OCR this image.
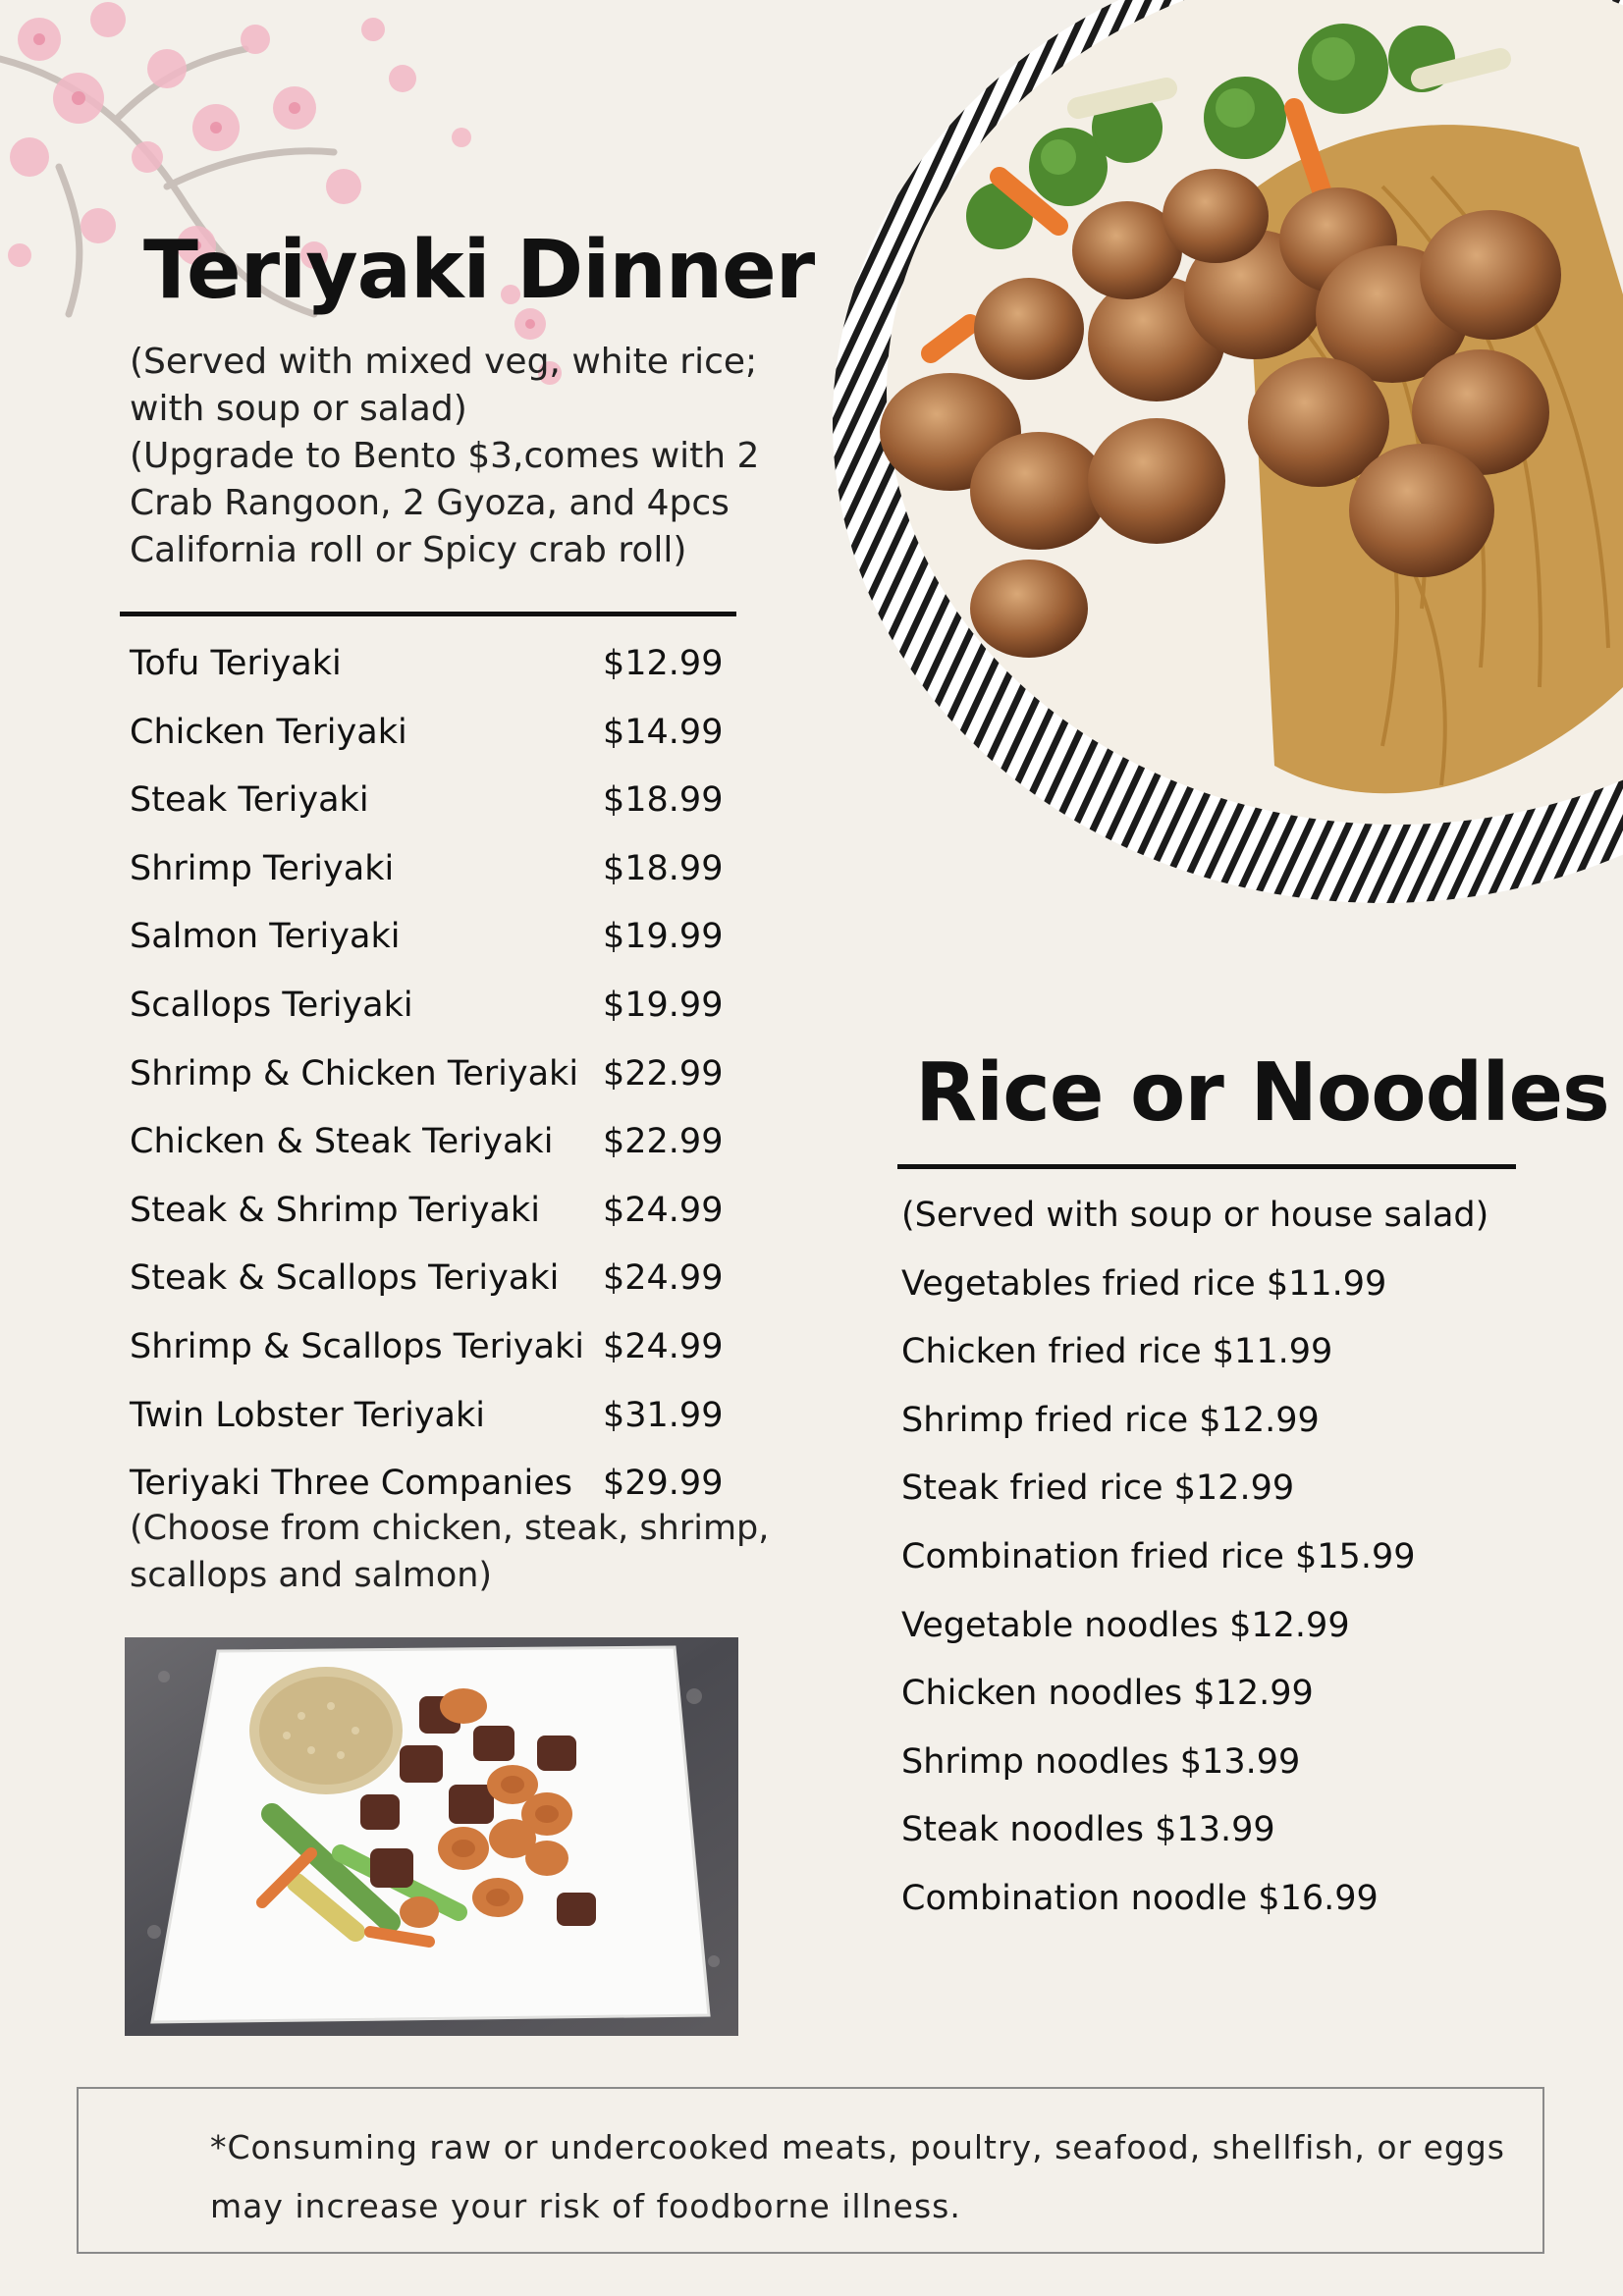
Teriyaki Dinner
(Served with mixed veg, white rice;
with soup or salad)
(Upgrade to Bento $3,comes with 2
Crab Rangoon, 2 Gyoza, and 4pcs
California roll or Spicy crab roll)
Tofu Teriyaki	$12.99
Chicken Teriyaki	$14.99
Steak Teriyaki	$18.99
Shrimp Teriyaki	$18.99
Salmon Teriyaki	$19.99
Scallops Teriyaki	$19.99
Shrimp & Chicken Teriyaki $22.99
Chicken & Steak Teriyaki $22.99
Steak & Shrimp Teriyaki $24.99
Steak & Scallops Teriyaki $24.99
Shrimp & Scallops Teriyaki $24.99
Twin Lobster Teriyaki	$31.99
Teriyaki Three Companies $29.99
(Choose from chicken, steak, shrimp,
scallops and salmon)
Rice or Noodles
(Served with soup or house salad)
Vegetables fried rice $11.99
Chicken fried rice $11.99
Shrimp fried rice $12.99
Steak fried rice $12.99
Combination fried rice $15.99
Vegetable noodles $12.99
Chicken noodles $12.99
Shrimp noodles $13.99
Steak noodles $13.99
Combination noodle $16.99
*Consuming raw or undercooked meats, poultry, seafood, shellfish, or eggs
may increase your risk of foodborne illness.
